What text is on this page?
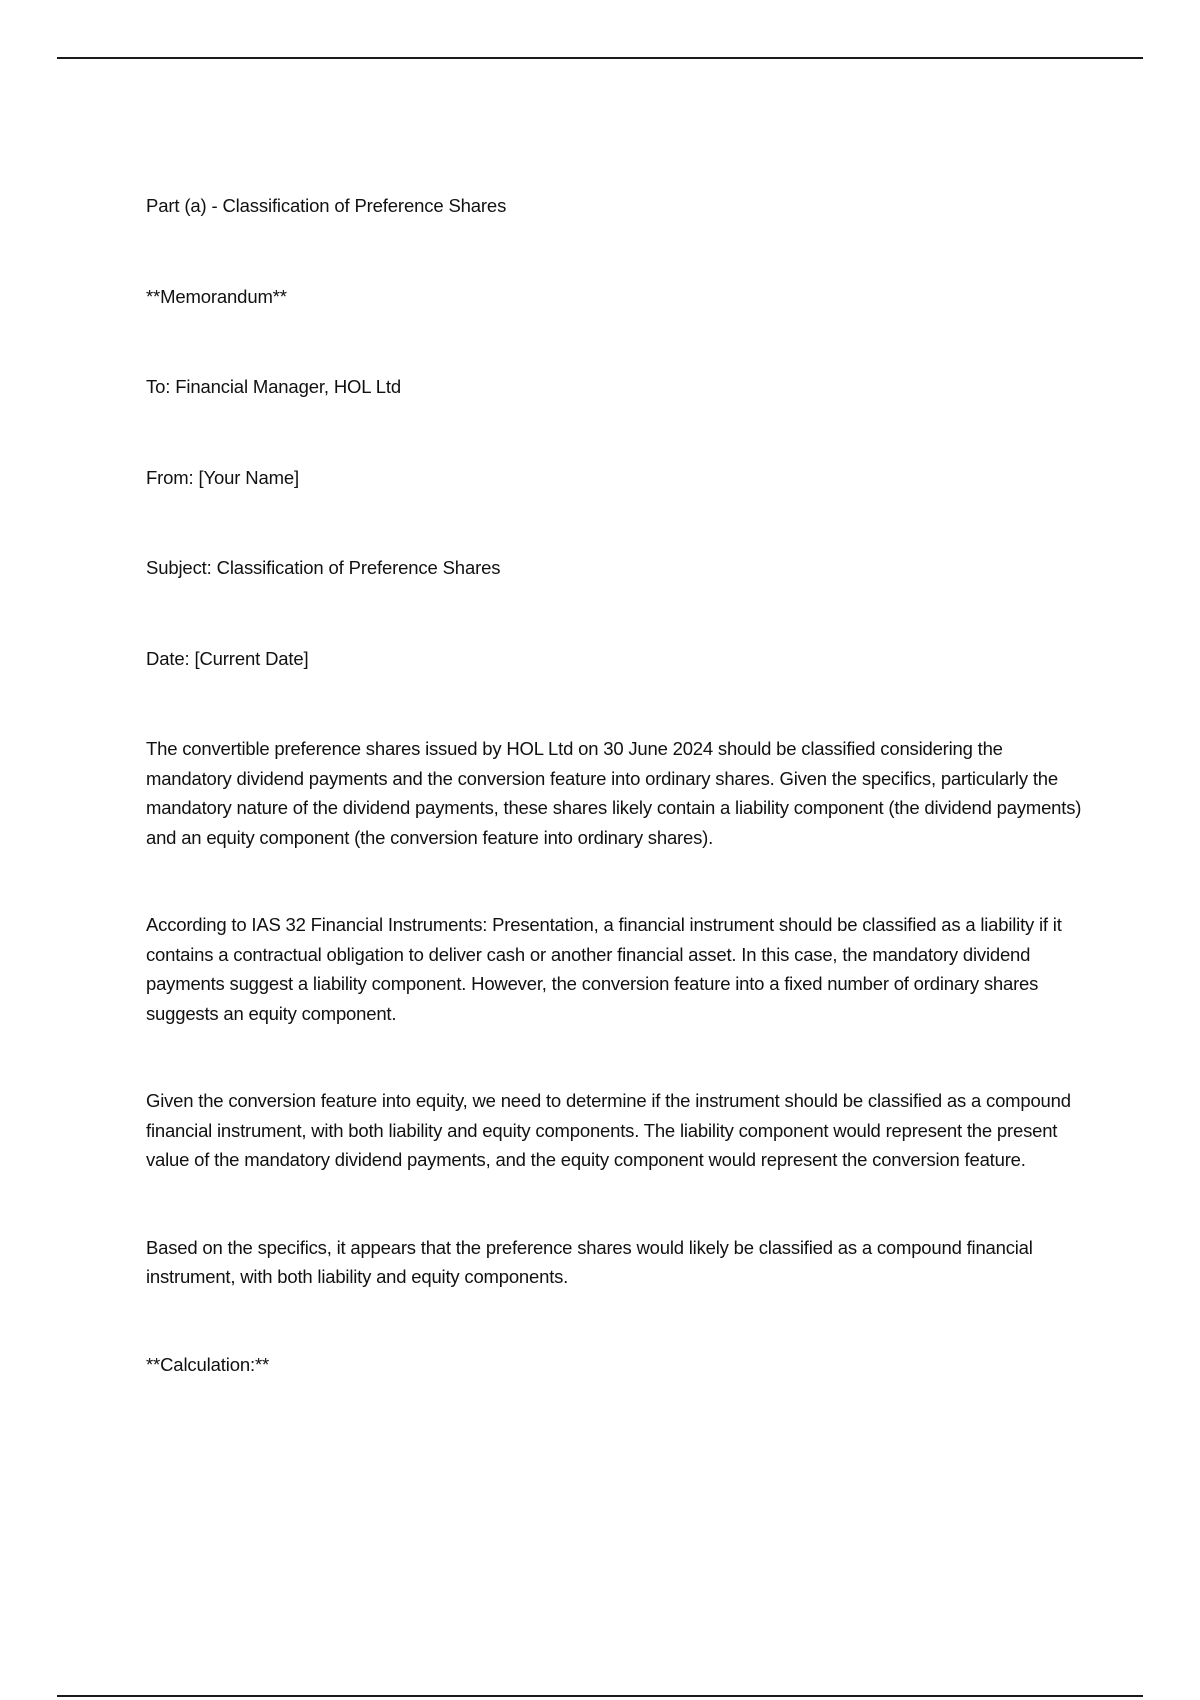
Part (a) - Classification of Preference Shares

**Memorandum**

To: Financial Manager, HOL Ltd

From: [Your Name]

Subject: Classification of Preference Shares

Date: [Current Date]

The convertible preference shares issued by HOL Ltd on 30 June 2024 should be classified considering the mandatory dividend payments and the conversion feature into ordinary shares. Given the specifics, particularly the mandatory nature of the dividend payments, these shares likely contain a liability component (the dividend payments) and an equity component (the conversion feature into ordinary shares).

According to IAS 32 Financial Instruments: Presentation, a financial instrument should be classified as a liability if it contains a contractual obligation to deliver cash or another financial asset. In this case, the mandatory dividend payments suggest a liability component. However, the conversion feature into a fixed number of ordinary shares suggests an equity component.

Given the conversion feature into equity, we need to determine if the instrument should be classified as a compound financial instrument, with both liability and equity components. The liability component would represent the present value of the mandatory dividend payments, and the equity component would represent the conversion feature.

Based on the specifics, it appears that the preference shares would likely be classified as a compound financial instrument, with both liability and equity components.

**Calculation:**
